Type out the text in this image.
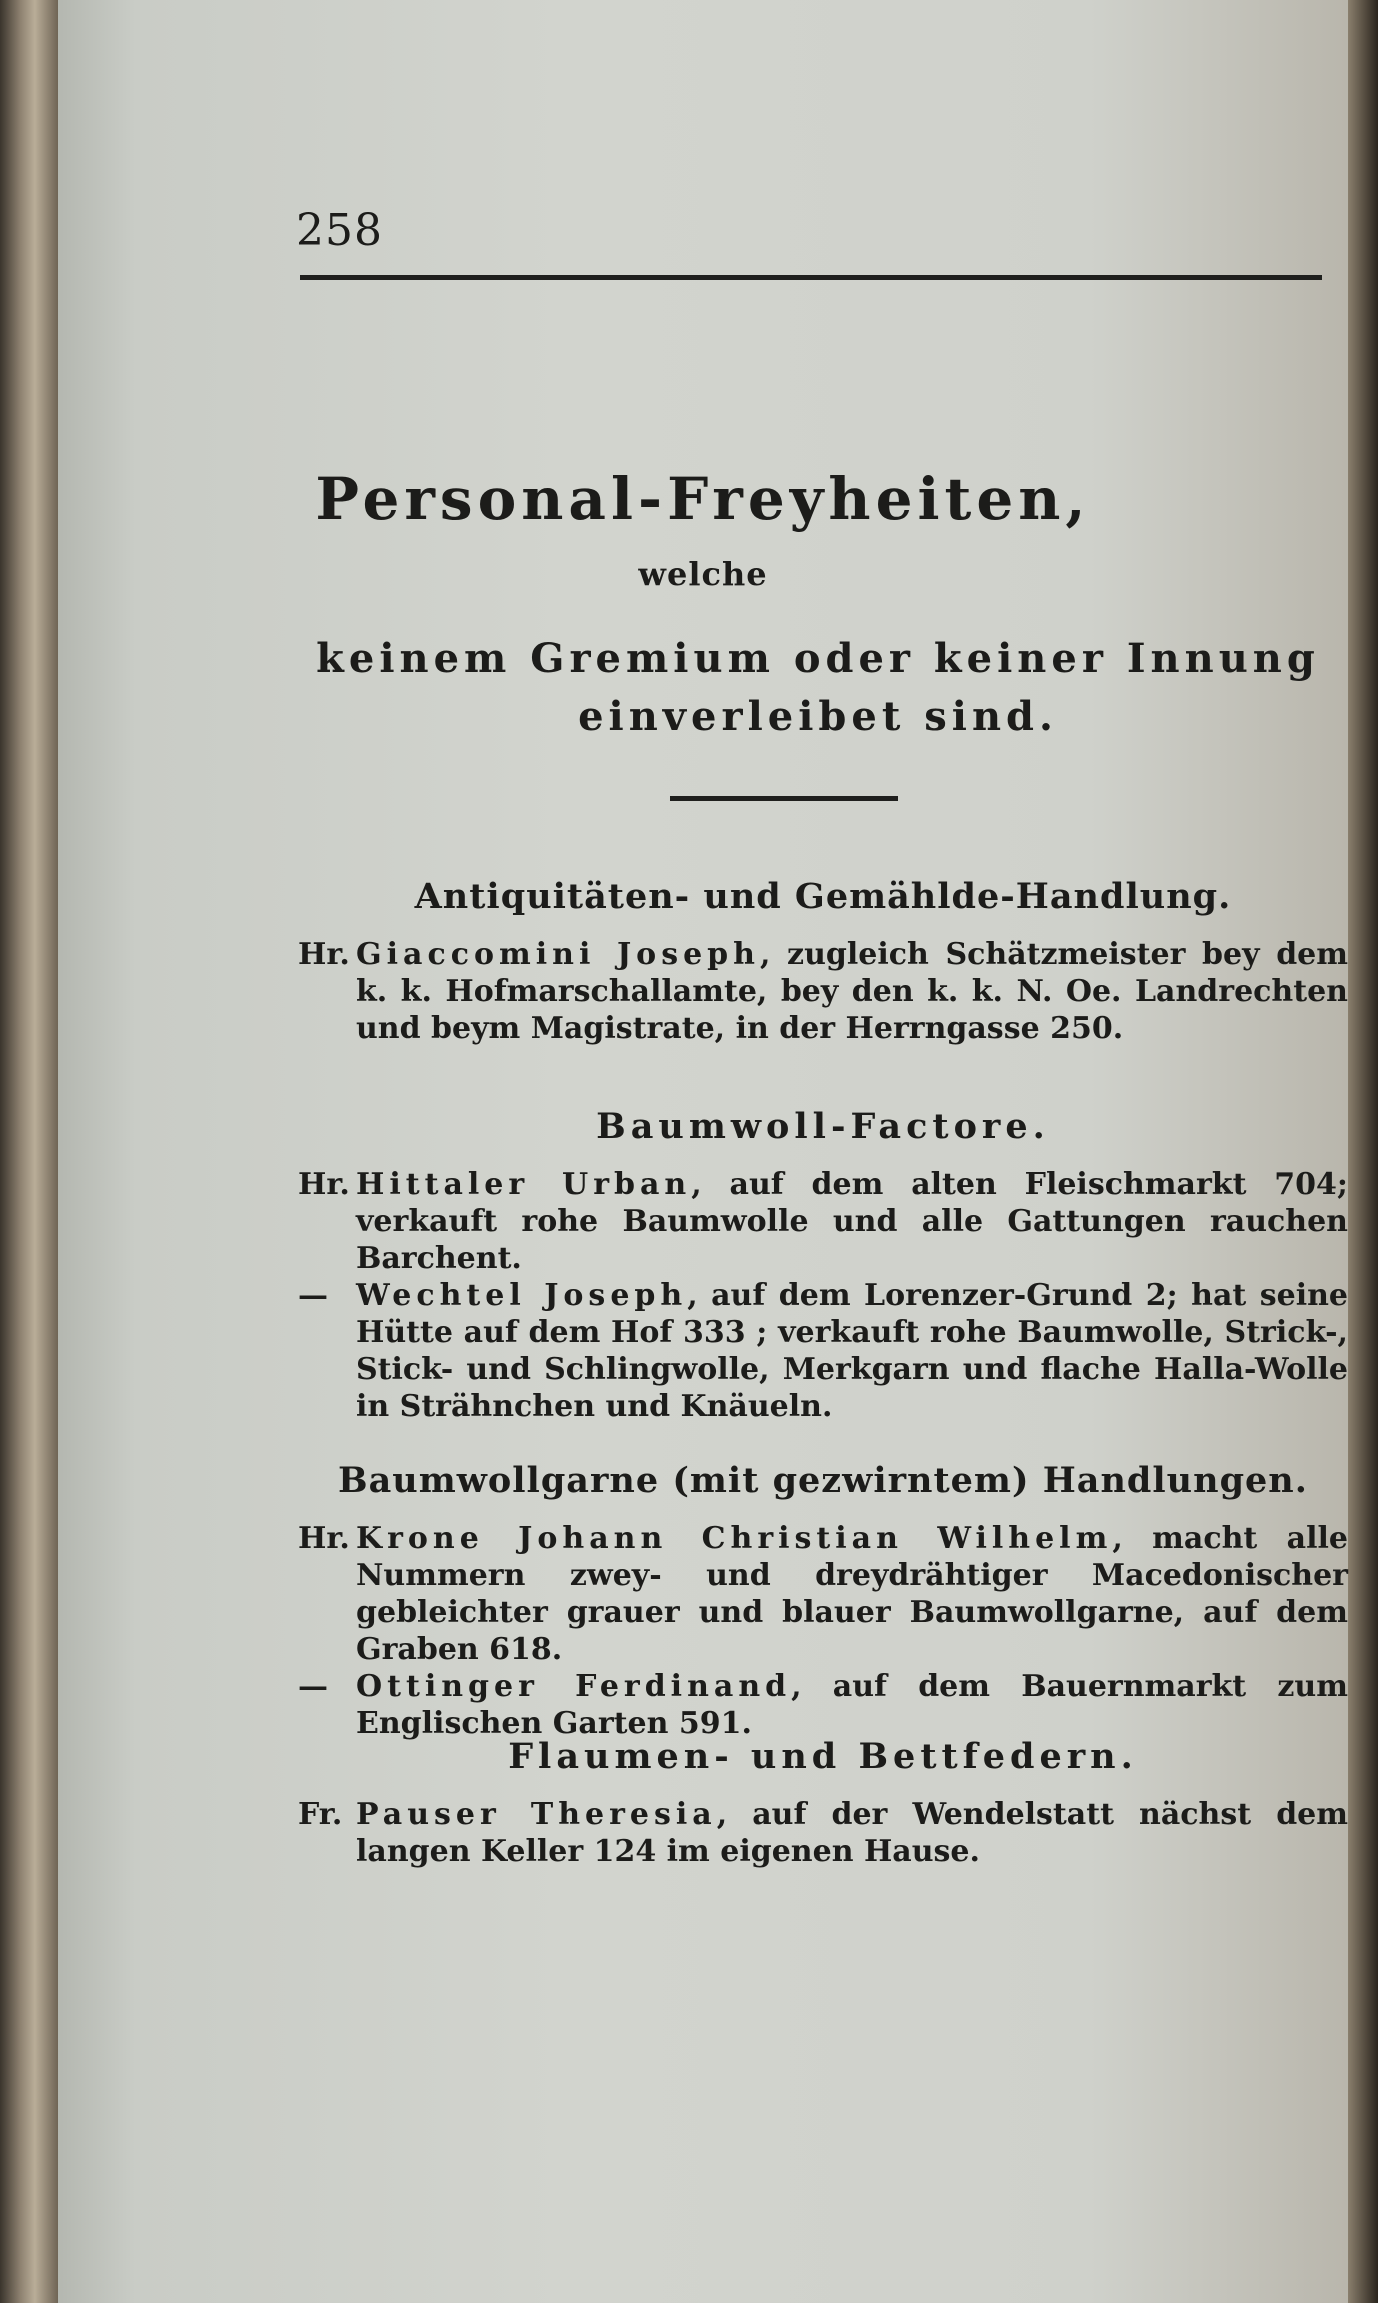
258
Personal-Freyheiten,
welche
keinem Gremium oder keiner Innung einverleibet sind.
Antiquitäten- und Gemählde-Handlung.
Hr. Giaccomini Joseph, zugleich Schätzmeister bey dem k. k. Hofmarschallamte, bey den k. k. N. Oe. Landrechten und beym Magistrate, in der Herrngasse 250.
Baumwoll-Factore.
Hr. Hittaler Urban, auf dem alten Fleischmarkt 704; verkauft rohe Baumwolle und alle Gattungen rauchen Barchent.
— Wechtel Joseph, auf dem Lorenzer-Grund 2; hat seine Hütte auf dem Hof 333 ; verkauft rohe Baumwolle, Strick-, Stick- und Schlingwolle, Merkgarn und flache Halla-Wolle in Strähnchen und Knäueln.
Baumwollgarne (mit gezwirntem) Handlungen.
Hr. Krone Johann Christian Wilhelm, macht alle Nummern zwey- und dreydrähtiger Macedonischer gebleichter grauer und blauer Baumwollgarne, auf dem Graben 618.
— Ottinger Ferdinand, auf dem Bauernmarkt zum Englischen Garten 591.
Flaumen- und Bettfedern.
Fr. Pauser Theresia, auf der Wendelstatt nächst dem langen Keller 124 im eigenen Hause.
